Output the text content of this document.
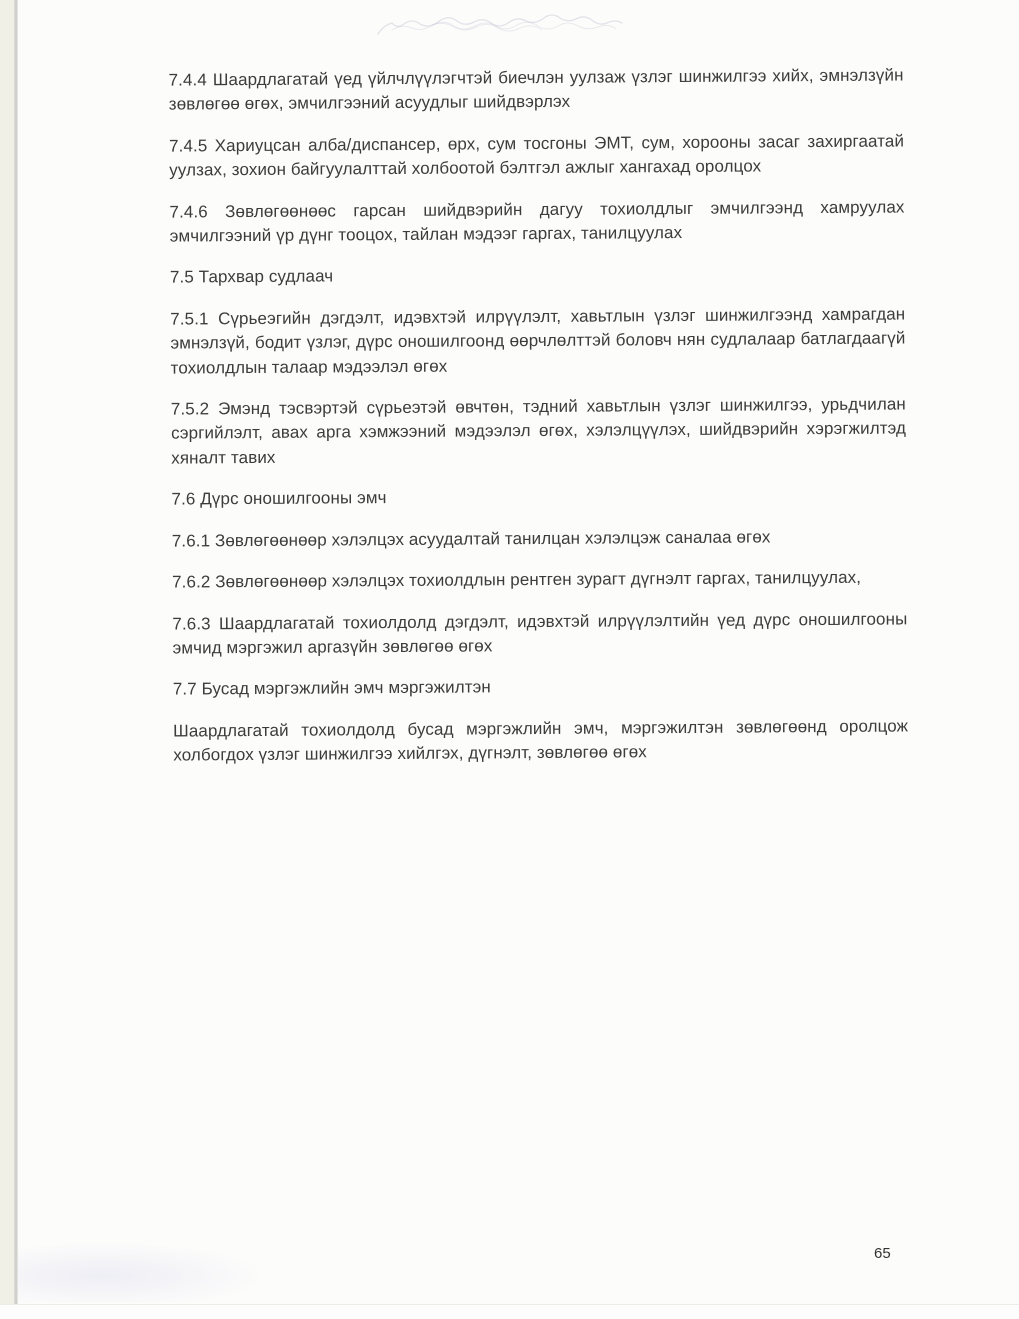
7.4.4 Шаардлагатай үед үйлчлүүлэгчтэй биечлэн уулзаж үзлэг шинжилгээ хийх, эмнэлзүйн
зөвлөгөө өгөх, эмчилгээний асуудлыг шийдвэрлэх

7.4.5 Хариуцсан алба/диспансер, өрх, сум тосгоны ЭМТ, сум, хорооны засаг захиргаатай
уулзах, зохион байгуулалттай холбоотой бэлтгэл ажлыг хангахад оролцох

7.4.6 Зөвлөгөөнөөс гарсан шийдвэрийн дагуу тохиолдлыг эмчилгээнд хамруулах
эмчилгээний үр дүнг тооцох, тайлан мэдээг гаргах, танилцуулах

7.5 Тархвар судлаач

7.5.1 Сүрьеэгийн дэгдэлт, идэвхтэй илрүүлэлт, хавьтлын үзлэг шинжилгээнд хамрагдан
эмнэлзүй, бодит үзлэг, дүрс оношилгоонд өөрчлөлттэй боловч нян судлалаар батлагдаагүй
тохиолдлын талаар мэдээлэл өгөх

7.5.2 Эмэнд тэсвэртэй сүрьеэтэй өвчтөн, тэдний хавьтлын үзлэг шинжилгээ, урьдчилан
сэргийлэлт, авах арга хэмжээний мэдээлэл өгөх, хэлэлцүүлэх, шийдвэрийн хэрэгжилтэд
хяналт тавих

7.6 Дүрс оношилгооны эмч

7.6.1 Зөвлөгөөнөөр хэлэлцэх асуудалтай танилцан хэлэлцэж саналаа өгөх

7.6.2 Зөвлөгөөнөөр хэлэлцэх тохиолдлын рентген зурагт дүгнэлт гаргах, танилцуулах,

7.6.3 Шаардлагатай тохиолдолд дэгдэлт, идэвхтэй илрүүлэлтийн үед дүрс оношилгооны
эмчид мэргэжил аргазүйн зөвлөгөө өгөх

7.7 Бусад мэргэжлийн эмч мэргэжилтэн

Шаардлагатай тохиолдолд бусад мэргэжлийн эмч, мэргэжилтэн зөвлөгөөнд оролцож
холбогдох үзлэг шинжилгээ хийлгэх, дүгнэлт, зөвлөгөө өгөх

65
